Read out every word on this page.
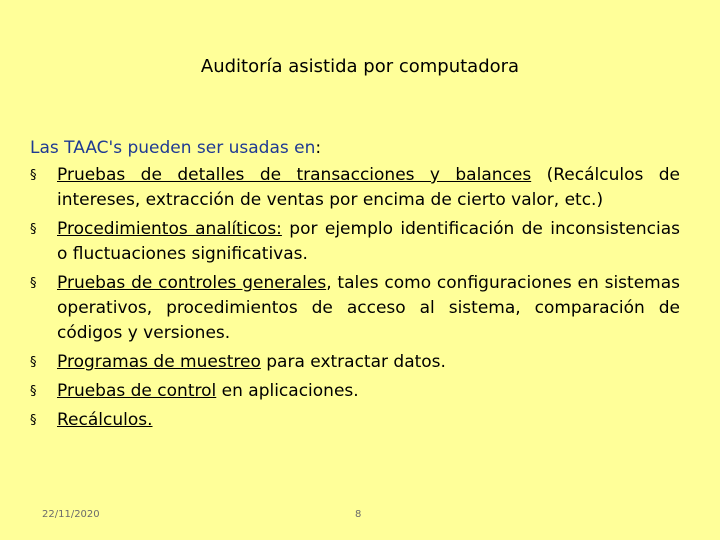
Auditoría asistida por computadora

Las TAAC's pueden ser usadas en:

§ Pruebas de detalles de transacciones y balances (Recálculos de intereses, extracción de ventas por encima de cierto valor, etc.)
§ Procedimientos analíticos: por ejemplo identificación de inconsistencias o fluctuaciones significativas.
§ Pruebas de controles generales, tales como configuraciones en sistemas operativos, procedimientos de acceso al sistema, comparación de códigos y versiones.
§ Programas de muestreo para extractar datos.
§ Pruebas de control en aplicaciones.
§ Recálculos.
22/11/2020	8
